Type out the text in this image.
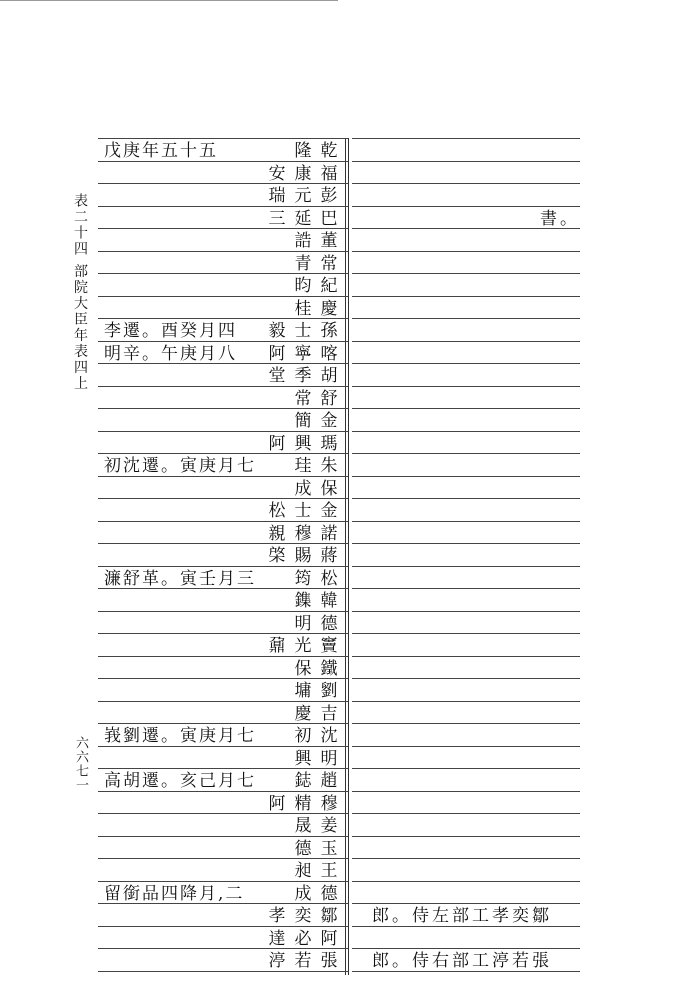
表二十四 部院大臣年表四上
六六七一
隆 乾
戊庚年五十五
安 康 福
瑞 元 彭
三 延 巴	書。
誥 董
青 常
昀 紀
桂 慶
毅 士 孫
李遷。酉癸月四
阿 寧 喀
明辛。午庚月八
堂 季 胡
常 舒
簡 金
阿 興 瑪
珪 朱
初沈遷。寅庚月七
成 保
松 士 金
親 穆 諾
棨 賜 蔣
筠 松
濂舒革。寅壬月三
鏶 韓
明 德
鼐 光 竇
保 鐵
墉 劉
慶 吉
初 沈
峩劉遷。寅庚月七
興 明
鋕 趙
高胡遷。亥己月七
阿 精 穆
晟 姜
德 玉
昶 王
成 德
留銜品四降月,二
孝 奕 鄒 郎。侍左部工孝奕鄒
達 必 阿
渟 若 張 郎。侍右部工渟若張
